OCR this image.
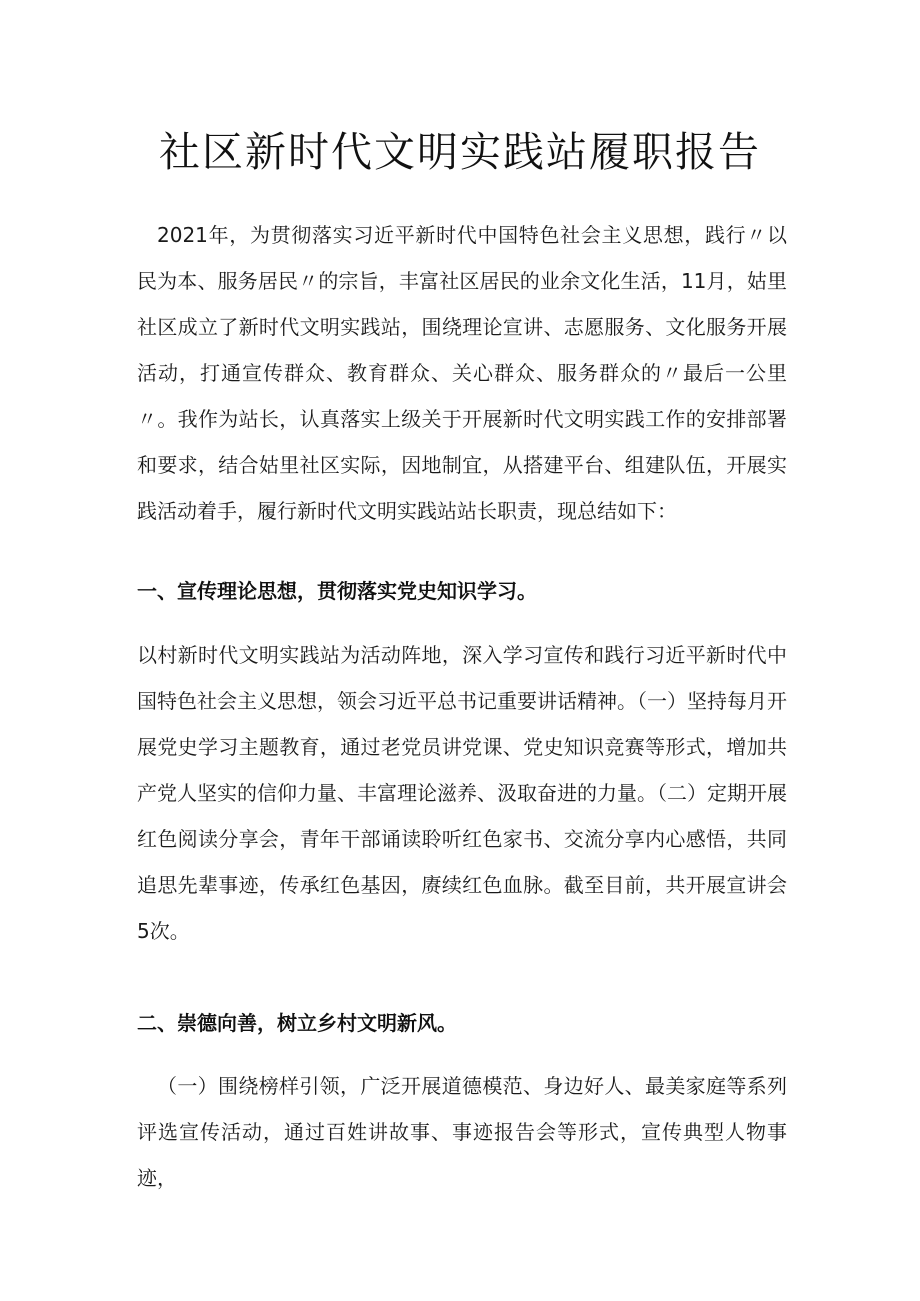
社区新时代文明实践站履职报告

2021年，为贯彻落实习近平新时代中国特色社会主义思想，践行〃以民为本、服务居民〃的宗旨，丰富社区居民的业余文化生活，11月，姑里社区成立了新时代文明实践站，围绕理论宣讲、志愿服务、文化服务开展活动，打通宣传群众、教育群众、关心群众、服务群众的〃最后一公里〃。我作为站长，认真落实上级关于开展新时代文明实践工作的安排部署和要求，结合姑里社区实际，因地制宜，从搭建平台、组建队伍，开展实践活动着手，履行新时代文明实践站站长职责，现总结如下：

一、宣传理论思想，贯彻落实党史知识学习。

以村新时代文明实践站为活动阵地，深入学习宣传和践行习近平新时代中国特色社会主义思想，领会习近平总书记重要讲话精神。（一）坚持每月开展党史学习主题教育，通过老党员讲党课、党史知识竞赛等形式，增加共产党人坚实的信仰力量、丰富理论滋养、汲取奋进的力量。（二）定期开展红色阅读分享会，青年干部诵读聆听红色家书、交流分享内心感悟，共同追思先辈事迹，传承红色基因，赓续红色血脉。截至目前，共开展宣讲会5次。

二、崇德向善，树立乡村文明新风。

（一）围绕榜样引领，广泛开展道德模范、身边好人、最美家庭等系列评选宣传活动，通过百姓讲故事、事迹报告会等形式，宣传典型人物事迹，
